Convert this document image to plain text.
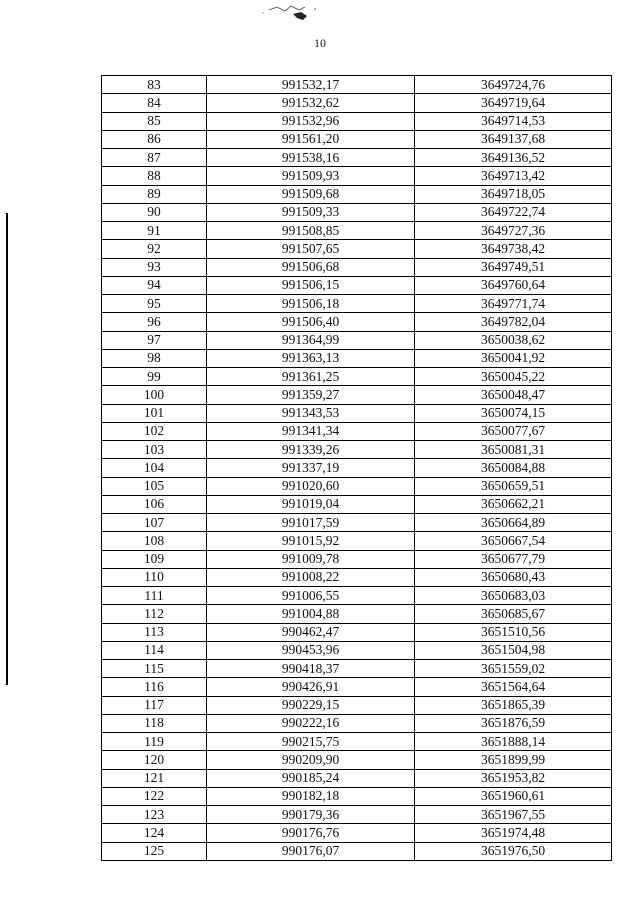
10
83	991532,17	3649724,76
84	991532,62	3649719,64
85	991532,96	3649714,53
86	991561,20	3649137,68
87	991538,16	3649136,52
88	991509,93	3649713,42
89	991509,68	3649718,05
90	991509,33	3649722,74
91	991508,85	3649727,36
92	991507,65	3649738,42
93	991506,68	3649749,51
94	991506,15	3649760,64
95	991506,18	3649771,74
96	991506,40	3649782,04
97	991364,99	3650038,62
98	991363,13	3650041,92
99	991361,25	3650045,22
100	991359,27	3650048,47
101	991343,53	3650074,15
102	991341,34	3650077,67
103	991339,26	3650081,31
104	991337,19	3650084,88
105	991020,60	3650659,51
106	991019,04	3650662,21
107	991017,59	3650664,89
108	991015,92	3650667,54
109	991009,78	3650677,79
110	991008,22	3650680,43
111	991006,55	3650683,03
112	991004,88	3650685,67
113	990462,47	3651510,56
114	990453,96	3651504,98
115	990418,37	3651559,02
116	990426,91	3651564,64
117	990229,15	3651865,39
118	990222,16	3651876,59
119	990215,75	3651888,14
120	990209,90	3651899,99
121	990185,24	3651953,82
122	990182,18	3651960,61
123	990179,36	3651967,55
124	990176,76	3651974,48
125	990176,07	3651976,50
